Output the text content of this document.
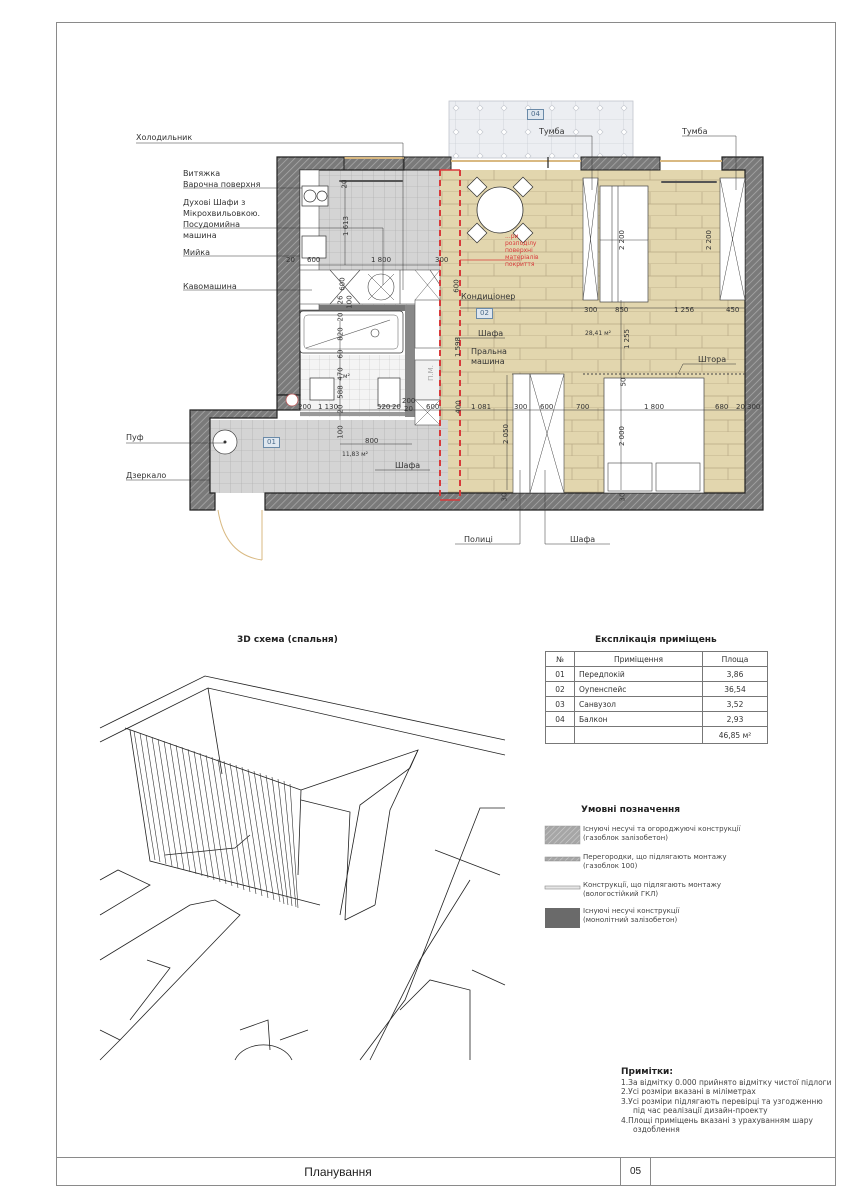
Холодильник
Витяжка
Варочна поверхня
Духові Шафи з
Мікрохвильовкою.
Посудомийна
машина
Мийка
Кавомашина
Пуф
Дзеркало
Тумба	Тумба
Кондиціонер
Шафа
Пральна
машина	Штора
Полиці	Шафа
Шафа
П.М.
...ри
розподілу
поверхні
матеріалів
покриття
04
02
01
11,83 м²
28,41 м²
м²
20
1 613
20 600	1 800	300
600
26 100
20
820
60
470
588
20
100
200 1 130	520 20
200
20 600
800
600
1 598
400
2 200	2 200
300	850	1 256	450
1 255
50
1 081	300 600	700	1 800	680 20 300
2 050	2 000
30	30
3D схема (спальня)	Експлікація приміщень
№	Приміщення	Площа
01	Передпокій	3,86
02	Оупенспейс	36,54
03	Санвузол	3,52
04	Балкон	2,93
		46,85 м²
Умовні позначення
Існуючі несучі та огороджуючі конструкції
(газоблок залізобетон)
Перегородки, що підлягають монтажу
(газоблок 100)
Конструкції, що підлягають монтажу
(вологостійкий ГКЛ)
Існуючі несучі конструкції
(монолітний залізобетон)
Примітки:
1.За відмітку 0.000 прийнято відмітку чистої підлоги
2.Усі розміри вказані в міліметрах
3.Усі розміри підлягають перевірці та узгодженню
під час реалізації дизайн-проекту
4.Площі приміщень вказані з урахуванням шару
оздоблення
Планування	05
